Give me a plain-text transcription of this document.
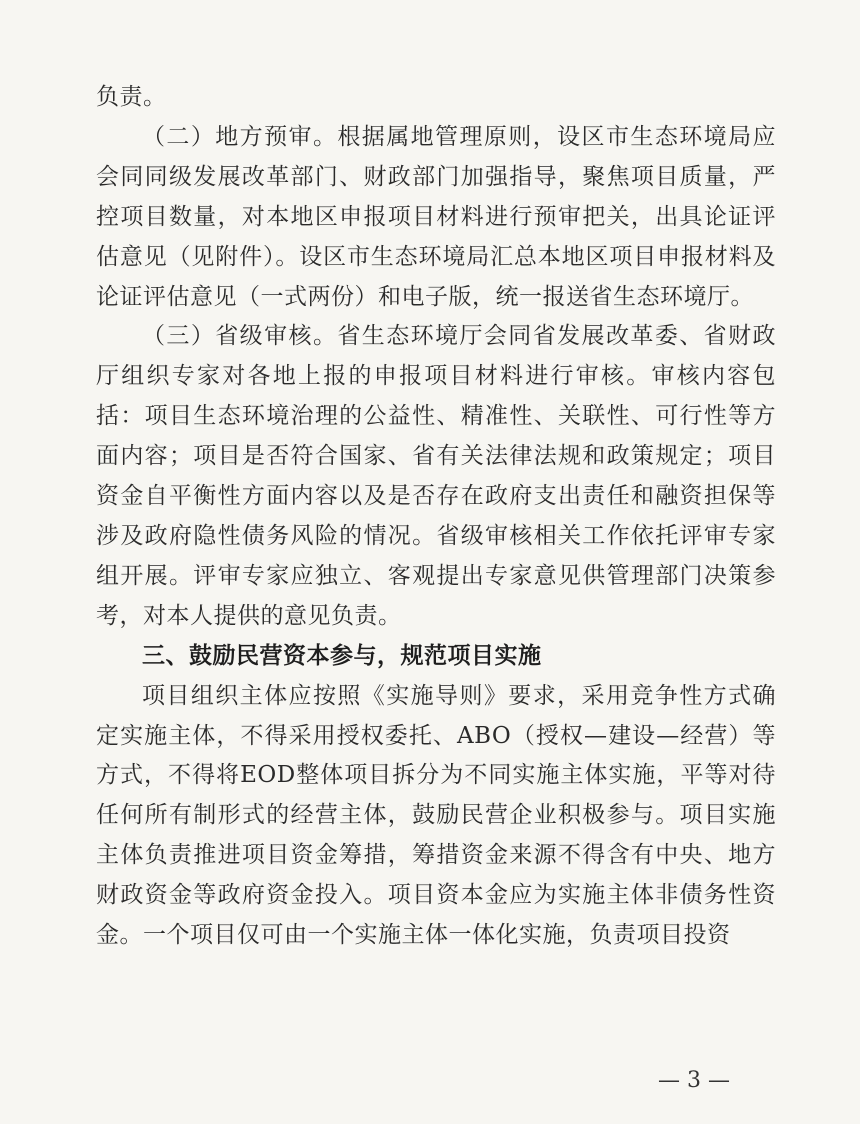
负责。

（二）地方预审。根据属地管理原则，设区市生态环境局应会同同级发展改革部门、财政部门加强指导，聚焦项目质量，严控项目数量，对本地区申报项目材料进行预审把关，出具论证评估意见（见附件）。设区市生态环境局汇总本地区项目申报材料及论证评估意见（一式两份）和电子版，统一报送省生态环境厅。

（三）省级审核。省生态环境厅会同省发展改革委、省财政厅组织专家对各地上报的申报项目材料进行审核。审核内容包括：项目生态环境治理的公益性、精准性、关联性、可行性等方面内容；项目是否符合国家、省有关法律法规和政策规定；项目资金自平衡性方面内容以及是否存在政府支出责任和融资担保等涉及政府隐性债务风险的情况。省级审核相关工作依托评审专家组开展。评审专家应独立、客观提出专家意见供管理部门决策参考，对本人提供的意见负责。

三、鼓励民营资本参与，规范项目实施

项目组织主体应按照《实施导则》要求，采用竞争性方式确定实施主体，不得采用授权委托、ABO（授权—建设—经营）等方式，不得将EOD整体项目拆分为不同实施主体实施，平等对待任何所有制形式的经营主体，鼓励民营企业积极参与。项目实施主体负责推进项目资金筹措，筹措资金来源不得含有中央、地方财政资金等政府资金投入。项目资本金应为实施主体非债务性资金。一个项目仅可由一个实施主体一体化实施，负责项目投资

— 3 —
